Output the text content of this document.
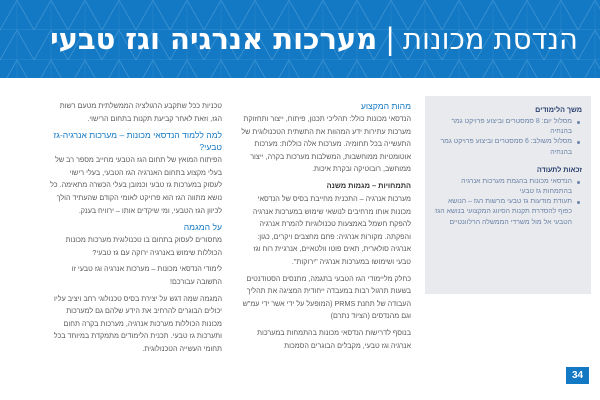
הנדסת מכונות
|
מערכות אנרגיה וגז טבעי
משך הלימודים
מסלול יום: 8 סמסטרים וביצוע פרויקט גמר בהנחיה
מסלול משולב: 6 סמסטרים וביצוע פרויקט גמר בהנחיה
זכאות לתעודה
הנדסאי מכונות בהגמת מערכות אנרגיה בהתמחות גז טבעי
תעודת מודעות גז טבעי מרשות הגז – הנושא כפוף להסדרת תקנות הסיווג המקצועי בנושא הגז הטבעי אל מול משרדי הממשלה הרלוונטיים
מהות המקצוע

הנדסאי מכונות כולל: תהליכי תכנון, פיתוח, ייצור ותחזוקת מערכות עתירות ידע המהוות את התשתית הטכנולוגית של התעשייה בכל תחומיה. מערכות אלה כוללות: מערכות אוטומטיות ממוחשבות, המשלבות מערכות בקרה, ייצור ממוחשב, רובוטיקה ובקרת איכות.

התמחויות – מגמות משנה

מערכות אנרגיה – התכנית מחייבת בסיס של הנדסאי מכונות אותו מרחיבים לנושאי שימוש במערכות אנרגיה להפקת חשמל באמצעות טכנולוגיות להמרת אנרגיה והפקתה. מקורות אנרגיה: פחם מחצבים ויקרים, כגון: אנרגיה סולארית, תאים פוטו וולטאיים, אנרגיית רוח וגז טבעי ושימושו במערכות אנרגיה "ירוקות".

כחלק מליימודי הגז הטבעי בתגמה, מתנסים הסטודנטים בשעות תרגול רבות במעבדה ייחודית המציגה את תהליך העבודה של תחנת PRMS (המופעל על ידי אשר ידי עמ"ש וגם מהנדסים (הציוד נתרם)

בנוסף לדרישות הנדסאי מכונות בהתמחות במערכות אנרגיה וגז טבעי, מקבלים הבוגרים הסמכות

טכניות ככל שתקבע הרגולציה הממשלתית מטעם רשות הגז, וזאת לאחר קביעת תקנות בתחום הרישוי.

למה ללמוד הנדסאי מכונות – מערכות אנרגיה-גז טבעי?

הפיתוח המואץ של תחום הגז הטבעי מחייב מספר רב של בעלי מקצוע בתחום האנרגיה הגז הטבעי, בעלי רישוי לעסוק במערכות גז טבעי וכמובן בעלי הכשרה מתאימה. כל נושא מתווה הגז הוא פרויקט לאומי הקודם שהעתיד הולך לכיוון הגז הטבעי, ומי שיקדים אותו – ירוויח בענק.

על המגמה

מחסורים לעסוק בתחום בו טכנולוגית מערכות מכונות הכוללות שימוש באנרגיה ירוקה עם גז טבעי?

לימודי הנדסאי מכונות – מערכות אנרגיה וגז טבעי זו התשובה עבורכם!

המגמה שמה דגש על יצירת בסיס טכנולוגי רחב ויציב עליו יכולים הבוגרים להרחיב את הידע שלהם גם למערכות מכונות הכוללות מערכות אנרגיה, מערכות בקרה תחום ותערכות גז טבעי. תכנית הלימודים מתמקדת במיוחד בכל תחומי העשייה הטכנולוגית.

34
